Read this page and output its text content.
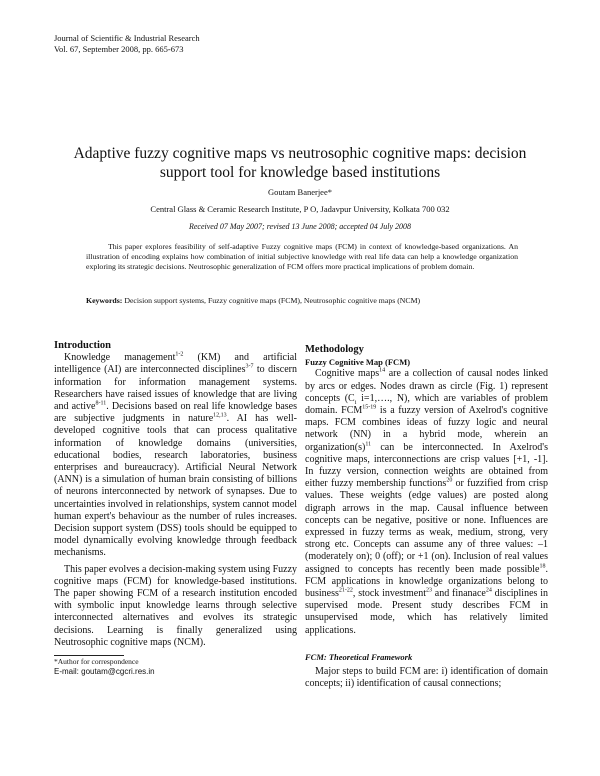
Journal of Scientific & Industrial Research
Vol. 67, September 2008, pp. 665-673
Adaptive fuzzy cognitive maps vs neutrosophic cognitive maps: decision support tool for knowledge based institutions
Goutam Banerjee*
Central Glass & Ceramic Research Institute, P O, Jadavpur University, Kolkata 700 032
Received 07 May 2007; revised 13 June 2008; accepted 04 July 2008
This paper explores feasibility of self-adaptive Fuzzy cognitive maps (FCM) in context of knowledge-based organizations. An illustration of encoding explains how combination of initial subjective knowledge with real life data can help a knowledge organization exploring its strategic decisions. Neutrosophic generalization of FCM offers more practical implications of problem domain.
Keywords: Decision support systems, Fuzzy cognitive maps (FCM), Neutrosophic cognitive maps (NCM)
Introduction

Knowledge management$^{1-2}$ (KM) and artificial intelligence (AI) are interconnected disciplines$^{3-7}$ to discern information for information management systems. Researchers have raised issues of knowledge that are living and active$^{8-11}$. Decisions based on real life knowledge bases are subjective judgments in nature$^{12,13}$. AI has well-developed cognitive tools that can process qualitative information of knowledge domains (universities, educational bodies, research laboratories, business enterprises and bureaucracy). Artificial Neural Network (ANN) is a simulation of human brain consisting of billions of neurons interconnected by network of synapses. Due to uncertainties involved in relationships, system cannot model human expert's behaviour as the number of rules increases. Decision support system (DSS) tools should be equipped to model dynamically evolving knowledge through feedback mechanisms.

This paper evolves a decision-making system using Fuzzy cognitive maps (FCM) for knowledge-based institutions. The paper showing FCM of a research institution encoded with symbolic input knowledge learns through selective interconnected alternatives and evolves its strategic decisions. Learning is finally generalized using Neutrosophic cognitive maps (NCM).

*Author for correspondence
E-mail: goutam@cgcri.res.in
Methodology
Fuzzy Cognitive Map (FCM)

Cognitive maps$^{14}$ are a collection of causal nodes linked by arcs or edges. Nodes drawn as circle (Fig. 1) represent concepts ($C_i$ i=1,…., N), which are variables of problem domain. FCM$^{15-19}$ is a fuzzy version of Axelrod's cognitive maps. FCM combines ideas of fuzzy logic and neural network (NN) in a hybrid mode, wherein an $organization(s)^{11}$ can be interconnected. In Axelrod's cognitive maps, interconnections are crisp values [+1, -1]. In fuzzy version, connection weights are obtained from either fuzzy membership functions$^{20}$ or fuzzified from crisp values. These weights (edge values) are posted along digraph arrows in the map. Causal influence between concepts can be negative, positive or none. Influences are expressed in fuzzy terms as weak, medium, strong, very strong etc. Concepts can assume any of three values: –1 (moderately on); 0 (off); or +1 (on). Inclusion of real values assigned to concepts has recently been made possible$^{18}$. FCM applications in knowledge organizations belong to business$^{21-22}$, stock investment$^{23}$ and finanace$^{24}$ disciplines in supervised mode. Present study describes FCM in unsupervised mode, which has relatively limited applications.

FCM: Theoretical Framework

Major steps to build FCM are: i) identification of domain concepts; ii) identification of causal connections;
